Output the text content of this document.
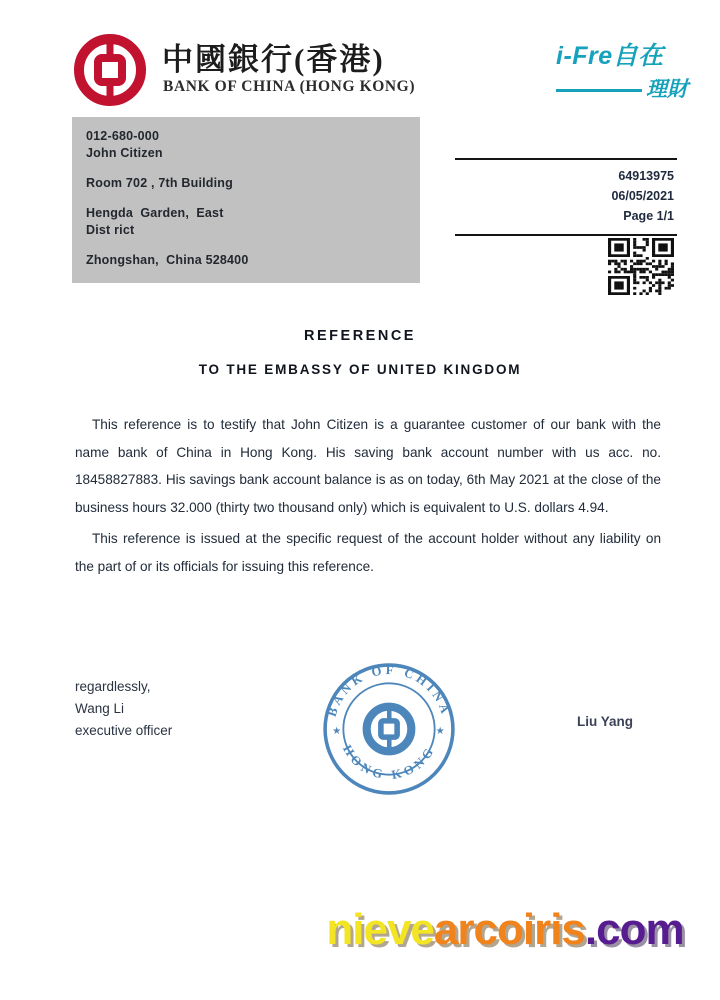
中國銀行(香港)
BANK OF CHINA (HONG KONG)
i-Fre自在
理財
012-680-000
John Citizen
Room 702 , 7th Building
Hengda  Garden,  East
Dist rict
Zhongshan,  China 528400
64913975
06/05/2021
Page 1/1
REFERENCE
TO THE EMBASSY OF UNITED KINGDOM
This reference is to testify that John Citizen is a guarantee customer of our bank with the
name bank of China in Hong Kong. His saving bank account number with us acc. no.
18458827883. His savings bank account balance is as on today, 6th May 2021 at the close of the
business hours 32.000 (thirty two thousand only) which is equivalent to U.S. dollars 4.94.
This reference is issued at the specific request of the account holder without any liability on
the part of or its officials for issuing this reference.
regardlessly,
Wang Li
executive officer
BANK OF CHINA
HONG KONG
★	★
Liu Yang
nievearcoiris.com
